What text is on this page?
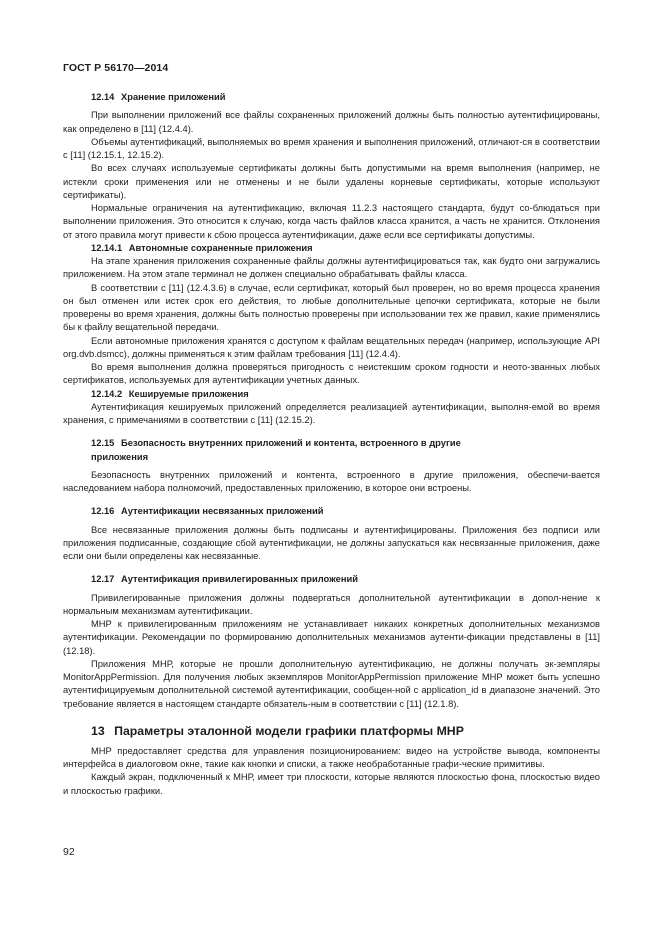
ГОСТ Р 56170—2014
12.14 Хранение приложений

При выполнении приложений все файлы сохраненных приложений должны быть полностью аутентифицированы, как определено в [11] (12.4.4).

Объемы аутентификаций, выполняемых во время хранения и выполнения приложений, отличают-ся в соответствии с [11] (12.15.1, 12.15.2).

Во всех случаях используемые сертификаты должны быть допустимыми на время выполнения (например, не истекли сроки применения или не отменены и не были удалены корневые сертификаты, которые используют сертификаты).

Нормальные ограничения на аутентификацию, включая 11.2.3 настоящего стандарта, будут со-блюдаться при выполнении приложения. Это относится к случаю, когда часть файлов класса хранится, а часть не хранится. Отклонения от этого правила могут привести к сбою процесса аутентификации, даже если все сертификаты допустимы.

12.14.1 Автономные сохраненные приложения

На этапе хранения приложения сохраненные файлы должны аутентифицироваться так, как будто они загружались приложением. На этом этапе терминал не должен специально обрабатывать файлы класса.

В соответствии с [11] (12.4.3.6) в случае, если сертификат, который был проверен, но во время процесса хранения он был отменен или истек срок его действия, то любые дополнительные цепочки сертификата, которые не были проверены во время хранения, должны быть полностью проверены при использовании тех же правил, какие применялись бы к файлу вещательной передачи.

Если автономные приложения хранятся с доступом к файлам вещательных передач (например, использующие API org.dvb.dsmcc), должны применяться к этим файлам требования [11] (12.4.4).

Во время выполнения должна проверяться пригодность с неистекшим сроком годности и неото-званных любых сертификатов, используемых для аутентификации учетных данных.

12.14.2 Кешируемые приложения

Аутентификация кешируемых приложений определяется реализацией аутентификации, выполня-емой во время хранения, с примечаниями в соответствии с [11] (12.15.2).

12.15 Безопасность внутренних приложений и контента, встроенного в другие
приложения

Безопасность внутренних приложений и контента, встроенного в другие приложения, обеспечи-вается наследованием набора полномочий, предоставленных приложению, в которое они встроены.

12.16 Аутентификации несвязанных приложений

Все несвязанные приложения должны быть подписаны и аутентифицированы. Приложения без подписи или приложения подписанные, создающие сбой аутентификации, не должны запускаться как несвязанные приложения, даже если они были определены как несвязанные.

12.17 Аутентификация привилегированных приложений

Привилегированные приложения должны подвергаться дополнительной аутентификации в допол-нение к нормальным механизмам аутентификации.

МНР к привилегированным приложениям не устанавливает никаких конкретных дополнительных механизмов аутентификации. Рекомендации по формированию дополнительных механизмов аутенти-фикации представлены в [11] (12.18).

Приложения МНР, которые не прошли дополнительную аутентификацию, не должны получать эк-земпляры MonitorAppPermission. Для получения любых экземпляров MonitorAppPermission приложение МНР может быть успешно аутентифицируемым дополнительной системой аутентификации, сообщен-ной с application_id в диапазоне значений. Это требование является в настоящем стандарте обязатель-ным в соответствии с [11] (12.1.8).

13 Параметры эталонной модели графики платформы МНР

МНР предоставляет средства для управления позиционированием: видео на устройстве вывода, компоненты интерфейса в диалоговом окне, такие как кнопки и списки, а также необработанные графи-ческие примитивы.

Каждый экран, подключенный к МНР, имеет три плоскости, которые являются плоскостью фона, плоскостью видео и плоскостью графики.

92
